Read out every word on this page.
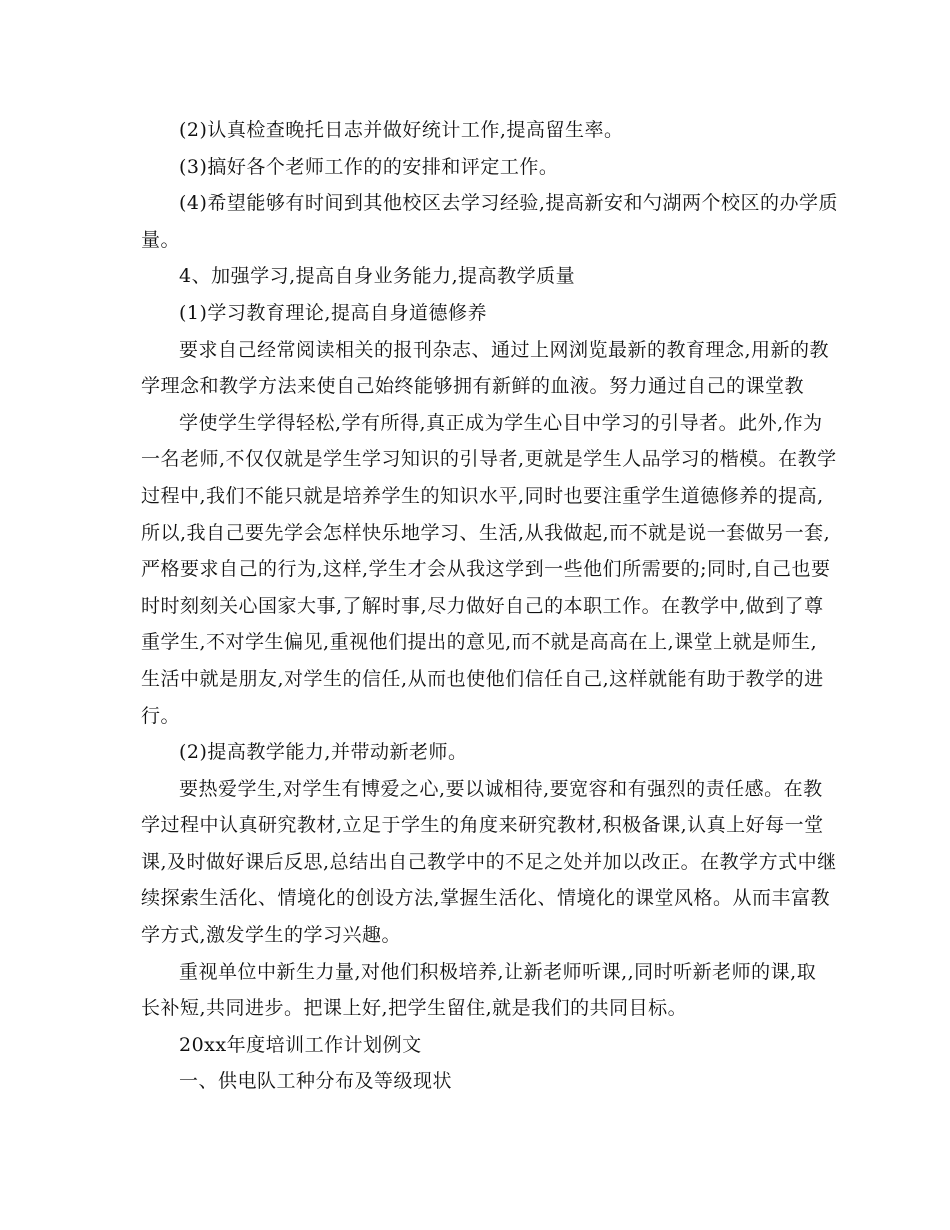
(2)认真检查晚托日志并做好统计工作,提高留生率。
(3)搞好各个老师工作的的安排和评定工作。
(4)希望能够有时间到其他校区去学习经验,提高新安和勺湖两个校区的办学质
量。
4、加强学习,提高自身业务能力,提高教学质量
(1)学习教育理论,提高自身道德修养
要求自己经常阅读相关的报刊杂志、通过上网浏览最新的教育理念,用新的教
学理念和教学方法来使自己始终能够拥有新鲜的血液。努力通过自己的课堂教
学使学生学得轻松,学有所得,真正成为学生心目中学习的引导者。此外,作为
一名老师,不仅仅就是学生学习知识的引导者,更就是学生人品学习的楷模。在教学
过程中,我们不能只就是培养学生的知识水平,同时也要注重学生道德修养的提高,
所以,我自己要先学会怎样快乐地学习、生活,从我做起,而不就是说一套做另一套,
严格要求自己的行为,这样,学生才会从我这学到一些他们所需要的;同时,自己也要
时时刻刻关心国家大事,了解时事,尽力做好自己的本职工作。在教学中,做到了尊
重学生,不对学生偏见,重视他们提出的意见,而不就是高高在上,课堂上就是师生,
生活中就是朋友,对学生的信任,从而也使他们信任自己,这样就能有助于教学的进
行。
(2)提高教学能力,并带动新老师。
要热爱学生,对学生有博爱之心,要以诚相待,要宽容和有强烈的责任感。在教
学过程中认真研究教材,立足于学生的角度来研究教材,积极备课,认真上好每一堂
课,及时做好课后反思,总结出自己教学中的不足之处并加以改正。在教学方式中继
续探索生活化、情境化的创设方法,掌握生活化、情境化的课堂风格。从而丰富教
学方式,激发学生的学习兴趣。
重视单位中新生力量,对他们积极培养,让新老师听课,,同时听新老师的课,取
长补短,共同进步。把课上好,把学生留住,就是我们的共同目标。
20xx年度培训工作计划例文
一、供电队工种分布及等级现状
